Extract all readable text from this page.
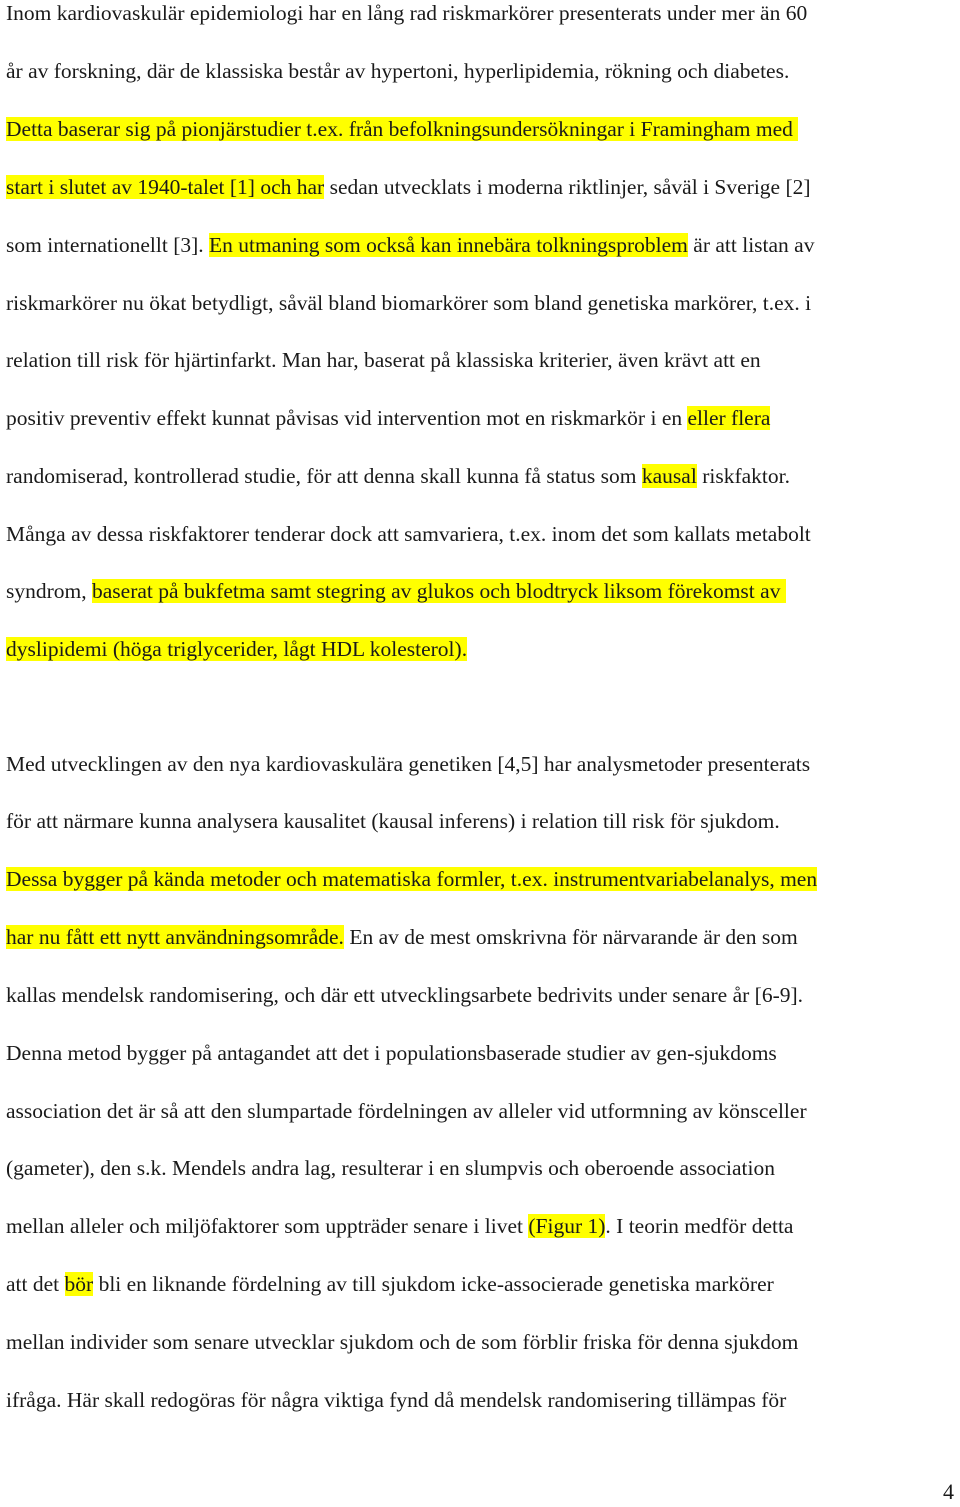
Inom kardiovaskulär epidemiologi har en lång rad riskmarkörer presenterats under mer än 60
år av forskning, där de klassiska består av hypertoni, hyperlipidemia, rökning och diabetes.
Detta baserar sig på pionjärstudier t.ex. från befolkningsundersökningar i Framingham med
start i slutet av 1940-talet [1] och har sedan utvecklats i moderna riktlinjer, såväl i Sverige [2]
som internationellt [3]. En utmaning som också kan innebära tolkningsproblem är att listan av
riskmarkörer nu ökat betydligt, såväl bland biomarkörer som bland genetiska markörer, t.ex. i
relation till risk för hjärtinfarkt. Man har, baserat på klassiska kriterier, även krävt att en
positiv preventiv effekt kunnat påvisas vid intervention mot en riskmarkör i en eller flera
randomiserad, kontrollerad studie, för att denna skall kunna få status som kausal riskfaktor.
Många av dessa riskfaktorer tenderar dock att samvariera, t.ex. inom det som kallats metabolt
syndrom, baserat på bukfetma samt stegring av glukos och blodtryck liksom förekomst av
dyslipidemi (höga triglycerider, lågt HDL kolesterol).
Med utvecklingen av den nya kardiovaskulära genetiken [4,5] har analysmetoder presenterats
för att närmare kunna analysera kausalitet (kausal inferens) i relation till risk för sjukdom.
Dessa bygger på kända metoder och matematiska formler, t.ex. instrumentvariabelanalys, men
har nu fått ett nytt användningsområde. En av de mest omskrivna för närvarande är den som
kallas mendelsk randomisering, och där ett utvecklingsarbete bedrivits under senare år [6-9].
Denna metod bygger på antagandet att det i populationsbaserade studier av gen-sjukdoms
association det är så att den slumpartade fördelningen av alleler vid utformning av könsceller
(gameter), den s.k. Mendels andra lag, resulterar i en slumpvis och oberoende association
mellan alleler och miljöfaktorer som uppträder senare i livet (Figur 1). I teorin medför detta
att det bör bli en liknande fördelning av till sjukdom icke-associerade genetiska markörer
mellan individer som senare utvecklar sjukdom och de som förblir friska för denna sjukdom
ifråga. Här skall redogöras för några viktiga fynd då mendelsk randomisering tillämpas för
4
